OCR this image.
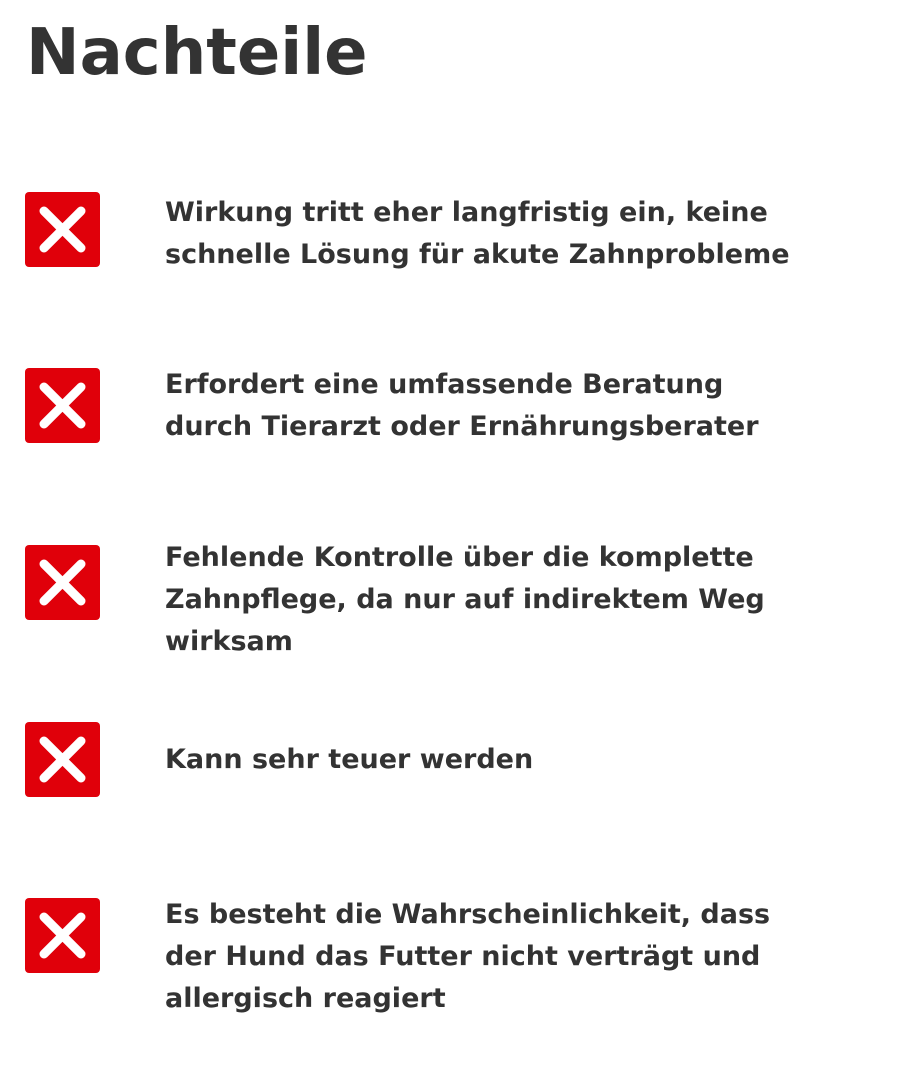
Nachteile

Wirkung tritt eher langfristig ein, keine schnelle Lösung für akute Zahnprobleme

Erfordert eine umfassende Beratung durch Tierarzt oder Ernährungsberater

Fehlende Kontrolle über die komplette Zahnpflege, da nur auf indirektem Weg wirksam

Kann sehr teuer werden

Es besteht die Wahrscheinlichkeit, dass der Hund das Futter nicht verträgt und allergisch reagiert
